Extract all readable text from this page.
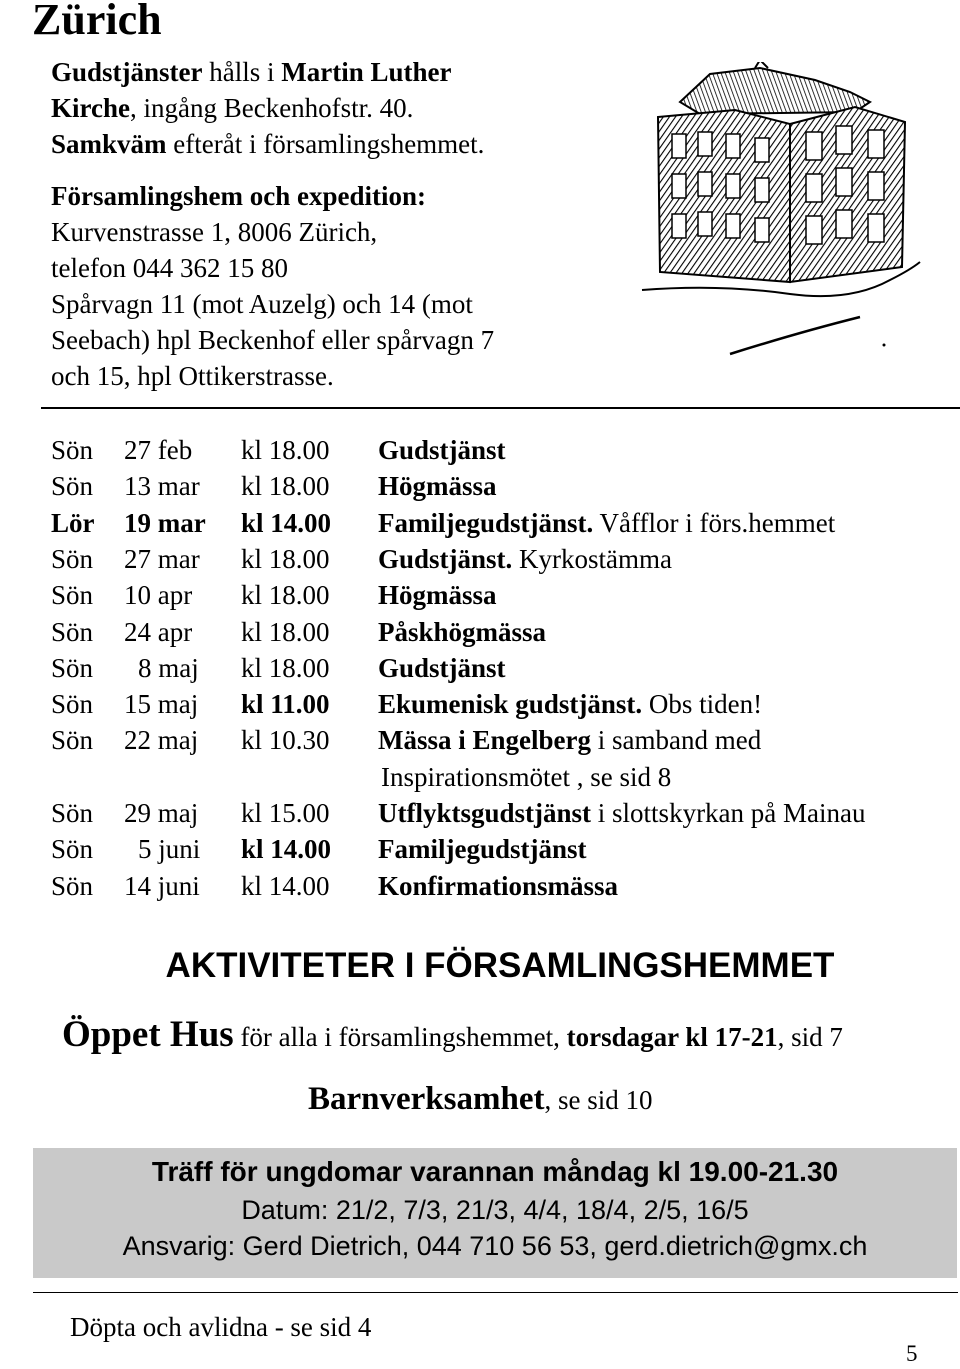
Zürich
Gudstjänster hålls i Martin Luther
Kirche, ingång Beckenhofstr. 40.
Samkväm efteråt i församlingshemmet.
Församlingshem och expedition:
Kurvenstrasse 1, 8006 Zürich,
telefon 044 362 15 80
Spårvagn 11 (mot Auzelg) och 14 (mot
Seebach) hpl Beckenhof eller spårvagn 7
och 15, hpl Ottikerstrasse.
Sön 27 feb kl 18.00 Gudstjänst
Sön 13 mar kl 18.00 Högmässa
Lör 19 mar kl 14.00 Familjegudstjänst. Våfflor i förs.hemmet
Sön 27 mar kl 18.00 Gudstjänst. Kyrkostämma
Sön 10 apr kl 18.00 Högmässa
Sön 24 apr kl 18.00 Påskhögmässa
Sön 8 maj kl 18.00 Gudstjänst
Sön 15 maj kl 11.00 Ekumenisk gudstjänst. Obs tiden!
Sön 22 maj kl 10.30 Mässa i Engelberg i samband med
Inspirationsmötet , se sid 8
Sön 29 maj kl 15.00 Utflyktsgudstjänst i slottskyrkan på Mainau
Sön 5 juni kl 14.00 Familjegudstjänst
Sön 14 juni kl 14.00 Konfirmationsmässa
AKTIVITETER I FÖRSAMLINGSHEMMET
Öppet Hus för alla i församlingshemmet, torsdagar kl 17-21, sid 7
Barnverksamhet, se sid 10
Träff för ungdomar varannan måndag kl 19.00-21.30
Datum: 21/2, 7/3, 21/3, 4/4, 18/4, 2/5, 16/5
Ansvarig: Gerd Dietrich, 044 710 56 53, gerd.dietrich@gmx.ch
Döpta och avlidna - se sid 4
5
